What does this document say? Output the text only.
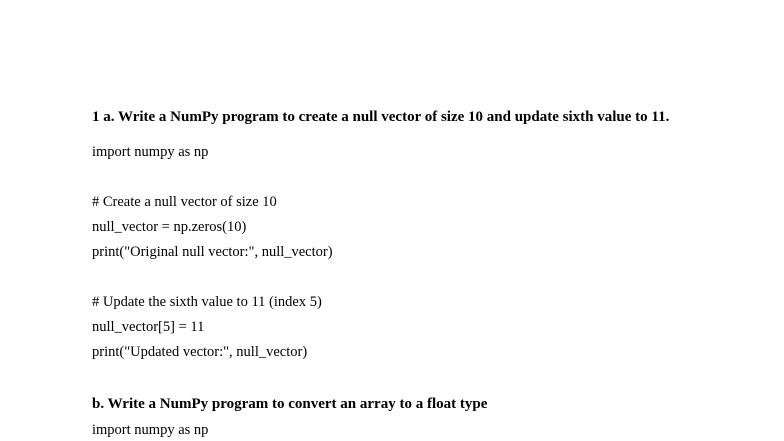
1 a. Write a NumPy program to create a null vector of size 10 and update sixth value to 11.
import numpy as np
# Create a null vector of size 10
null_vector = np.zeros(10)
print("Original null vector:", null_vector)
# Update the sixth value to 11 (index 5)
null_vector[5] = 11
print("Updated vector:", null_vector)
b. Write a NumPy program to convert an array to a float type
import numpy as np
